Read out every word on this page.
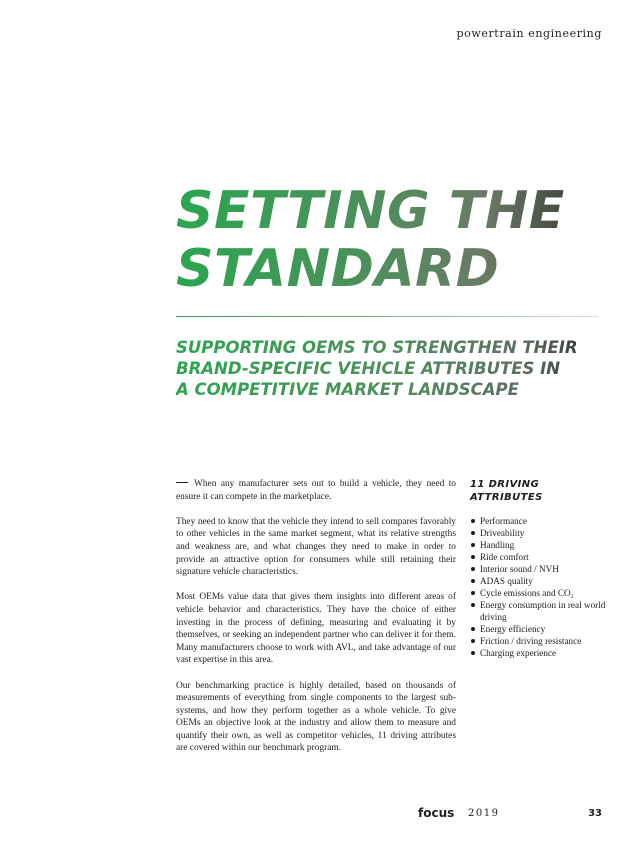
powertrain engineering
SETTING THE
STANDARD
SUPPORTING OEMS TO STRENGTHEN THEIR
BRAND-SPECIFIC VEHICLE ATTRIBUTES IN
A COMPETITIVE MARKET LANDSCAPE

When any manufacturer sets out to build a vehicle, they need to ensure it can compete in the marketplace.

They need to know that the vehicle they intend to sell compares favorably to other vehicles in the same market segment, what its relative strengths and weakness are, and what changes they need to make in order to provide an attractive option for consumers while still retaining their signature vehicle characteristics.

Most OEMs value data that gives them insights into different areas of vehicle behavior and characteristics. They have the choice of either investing in the process of defining, measuring and evaluating it by themselves, or seeking an independent partner who can deliver it for them. Many manufacturers choose to work with AVL, and take advantage of our vast expertise in this area.

Our benchmarking practice is highly detailed, based on thousands of measurements of everything from single components to the largest sub-systems, and how they perform together as a whole vehicle. To give OEMs an objective look at the industry and allow them to measure and quantify their own, as well as competitor vehicles, 11 driving attributes are covered within our benchmark program.

11 DRIVING
ATTRIBUTES
Performance
Driveability
Handling
Ride comfort
Interior sound / NVH
ADAS quality
Cycle emissions and CO₂
Energy consumption in real world driving
Energy efficiency
Friction / driving resistance
Charging experience
focus 2019	33
